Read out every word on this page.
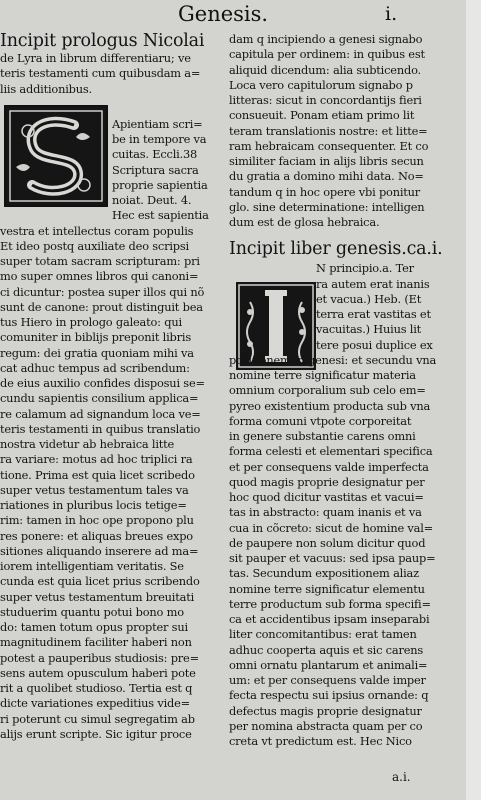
Genesis.	i.
Incipit prologus Nicolai
de Lyra in librum differentiaru; ve
teris testamenti cum quibusdam a=
liis additionibus.
Apientiam scri=
be in tempore va
cuitas. Eccli.38
Scriptura sacra
proprie sapientia
noiat. Deut. 4.
Hec est sapientia
vestra et intellectus coram populis
Et ideo postq auxiliate deo scripsi
super totam sacram scripturam: pri
mo super omnes libros qui canoni=
ci dicuntur: postea super illos qui nõ
sunt de canone: prout distinguit bea
tus Hiero in prologo galeato: qui
comuniter in biblijs preponit libris
regum: dei gratia quoniam mihi va
cat adhuc tempus ad scribendum:
de eius auxilio confides disposui se=
cundu sapientis consilium applica=
re calamum ad signandum loca ve=
teris testamenti in quibus translatio
nostra videtur ab hebraica litte
ra variare: motus ad hoc triplici ra
tione. Prima est quia licet scribedo
super vetus testamentum tales va
riationes in pluribus locis tetige=
rim: tamen in hoc ope propono plu
res ponere: et aliquas breues expo
sitiones aliquando inserere ad ma=
iorem intelligentiam veritatis. Se
cunda est quia licet prius scribendo
super vetus testamentum breuitati
studuerim quantu potui bono mo
do: tamen totum opus propter sui
magnitudinem faciliter haberi non
potest a pauperibus studiosis: pre=
sens autem opusculum haberi pote
rit a quolibet studioso. Tertia est q
dicte variationes expeditius vide=
ri poterunt cu simul segregatim ab
alijs erunt scripte. Sic igitur proce
dam q incipiendo a genesi signabo
capitula per ordinem: in quibus est
aliquid dicendum: alia subticendo.
Loca vero capitulorum signabo p
litteras: sicut in concordantijs fieri
consueuit. Ponam etiam primo lit
teram translationis nostre: et litte=
ram hebraicam consequenter. Et co
similiter faciam in alijs libris secun
du gratia a domino mihi data. No=
tandum q in hoc opere vbi ponitur
glo. sine determinatione: intelligen
dum est de glosa hebraica.
Incipit liber genesis.ca.i.
N principio.a. Ter
ra autem erat inanis
et vacua.) Heb. (Et
terra erat vastitas et
vacuitas.) Huius lit
tere posui duplice ex
positionem in genesi: et secundu vna
nomine terre significatur materia
omnium corporalium sub celo em=
pyreo existentium producta sub vna
forma comuni vtpote corporeitat
in genere substantie carens omni
forma celesti et elementari specifica
et per consequens valde imperfecta
quod magis proprie designatur per
hoc quod dicitur vastitas et vacui=
tas in abstracto: quam inanis et va
cua in cõcreto: sicut de homine val=
de paupere non solum dicitur quod
sit pauper et vacuus: sed ipsa paup=
tas. Secundum expositionem aliaz
nomine terre significatur elementu
terre productum sub forma specifi=
ca et accidentibus ipsam inseparabi
liter concomitantibus: erat tamen
adhuc cooperta aquis et sic carens
omni ornatu plantarum et animali=
um: et per consequens valde imper
fecta respectu sui ipsius ornande: q
defectus magis proprie designatur
per nomina abstracta quam per co
creta vt predictum est. Hec Nico
a.i.
